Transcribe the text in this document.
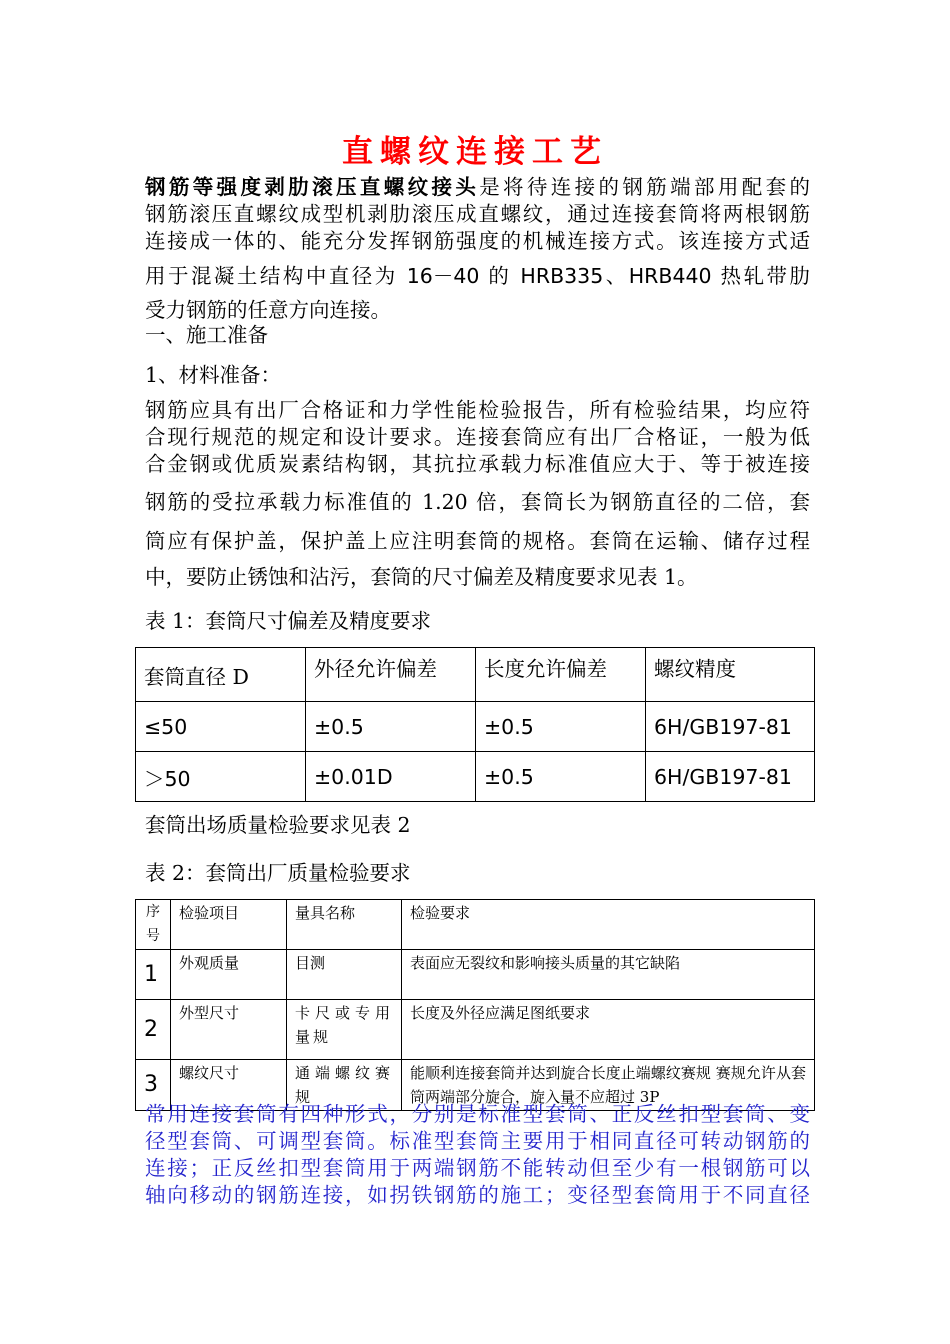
直螺纹连接工艺
钢筋等强度剥肋滚压直螺纹接头是将待连接的钢筋端部用配套的
钢筋滚压直螺纹成型机剥肋滚压成直螺纹，通过连接套筒将两根钢筋
连接成一体的、能充分发挥钢筋强度的机械连接方式。该连接方式适
用于混凝土结构中直径为 16－40 的 HRB335、HRB440 热轧带肋
受力钢筋的任意方向连接。
一、施工准备
1、材料准备：
钢筋应具有出厂合格证和力学性能检验报告，所有检验结果，均应符
合现行规范的规定和设计要求。连接套筒应有出厂合格证，一般为低
合金钢或优质炭素结构钢，其抗拉承载力标准值应大于、等于被连接
钢筋的受拉承载力标准值的 1.20 倍，套筒长为钢筋直径的二倍，套
筒应有保护盖，保护盖上应注明套筒的规格。套筒在运输、储存过程
中，要防止锈蚀和沾污，套筒的尺寸偏差及精度要求见表 1。
表 1：套筒尺寸偏差及精度要求
套筒直径 D	外径允许偏差	长度允许偏差	螺纹精度
≤50	±0.5	±0.5	6H/GB197-81
＞50	±0.01D	±0.5	6H/GB197-81
套筒出场质量检验要求见表 2
表 2：套筒出厂质量检验要求
序号	检验项目	量具名称	检验要求
1	外观质量	目测	表面应无裂纹和影响接头质量的其它缺陷
2	外型尺寸	卡尺或专用量规	长度及外径应满足图纸要求
3	螺纹尺寸	通端螺纹赛规	能顺利连接套筒并达到旋合长度止端螺纹赛规 赛规允许从套筒两端部分旋合，旋入量不应超过 3P
常用连接套筒有四种形式，分别是标准型套筒、正反丝扣型套筒、变
径型套筒、可调型套筒。标准型套筒主要用于相同直径可转动钢筋的
连接；正反丝扣型套筒用于两端钢筋不能转动但至少有一根钢筋可以
轴向移动的钢筋连接，如拐铁钢筋的施工；变径型套筒用于不同直径
